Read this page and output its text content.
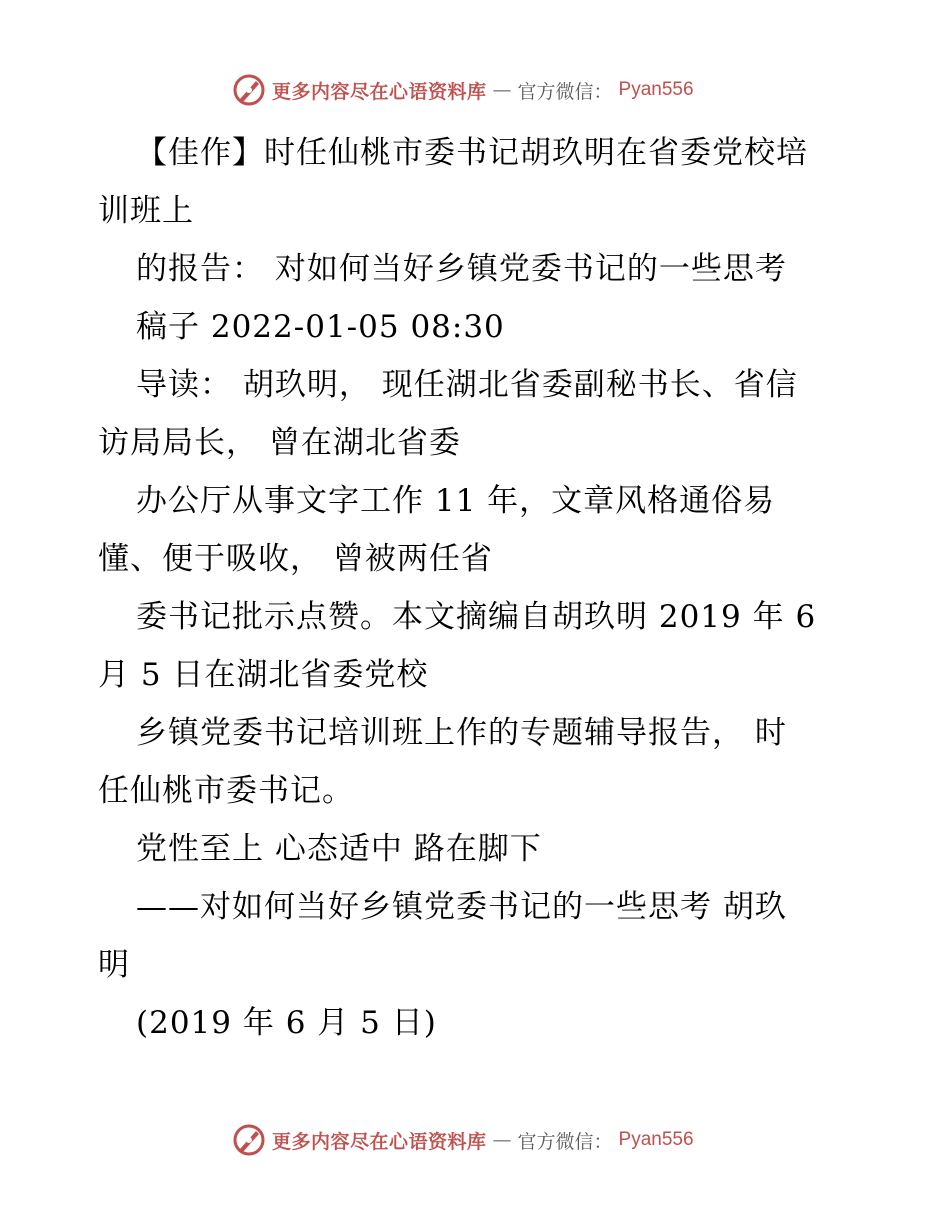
更多内容尽在心语资料库 — 官方微信： Pyan556
【佳作】时任仙桃市委书记胡玖明在省委党校培
训班上
的报告： 对如何当好乡镇党委书记的一些思考
稿子 2022-01-05 08:30
导读： 胡玖明， 现任湖北省委副秘书长、省信
访局局长， 曾在湖北省委
办公厅从事文字工作 11 年，文章风格通俗易
懂、便于吸收， 曾被两任省
委书记批示点赞。本文摘编自胡玖明 2019 年 6
月 5 日在湖北省委党校
乡镇党委书记培训班上作的专题辅导报告， 时
任仙桃市委书记。
党性至上 心态适中 路在脚下
——对如何当好乡镇党委书记的一些思考 胡玖
明
(2019 年 6 月 5 日)
更多内容尽在心语资料库 — 官方微信： Pyan556
